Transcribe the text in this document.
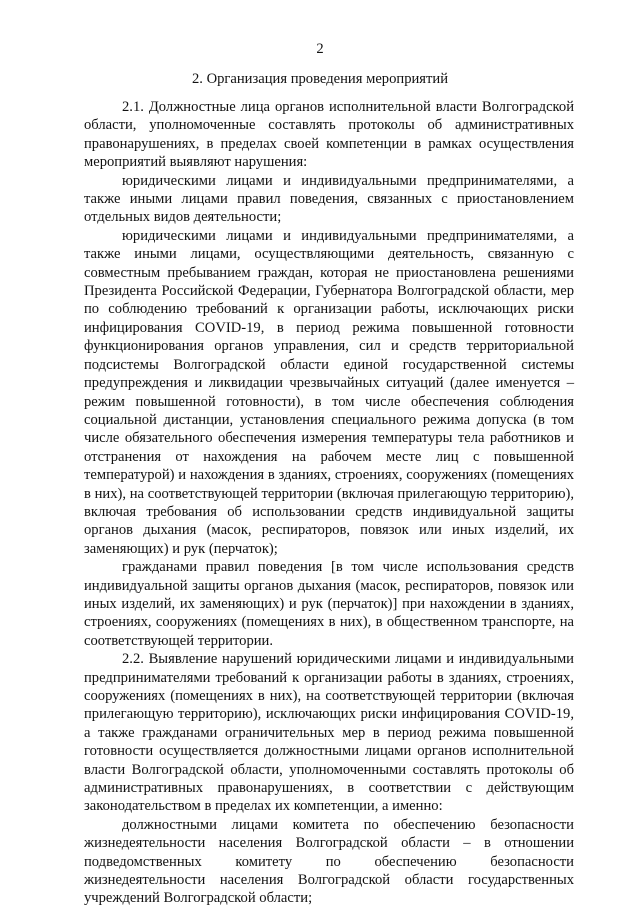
2
2. Организация проведения мероприятий

2.1. Должностные лица органов исполнительной власти Волгоградской области, уполномоченные составлять протоколы об административных правонарушениях, в пределах своей компетенции в рамках осуществления мероприятий выявляют нарушения:

юридическими лицами и индивидуальными предпринимателями, а также иными лицами правил поведения, связанных с приостановлением отдельных видов деятельности;

юридическими лицами и индивидуальными предпринимателями, а также иными лицами, осуществляющими деятельность, связанную с совместным пребыванием граждан, которая не приостановлена решениями Президента Российской Федерации, Губернатора Волгоградской области, мер по соблюдению требований к организации работы, исключающих риски инфицирования COVID-19, в период режима повышенной готовности функционирования органов управления, сил и средств территориальной подсистемы Волгоградской области единой государственной системы предупреждения и ликвидации чрезвычайных ситуаций (далее именуется – режим повышенной готовности), в том числе обеспечения соблюдения социальной дистанции, установления специального режима допуска (в том числе обязательного обеспечения измерения температуры тела работников и отстранения от нахождения на рабочем месте лиц с повышенной температурой) и нахождения в зданиях, строениях, сооружениях (помещениях в них), на соответствующей территории (включая прилегающую территорию), включая требования об использовании средств индивидуальной защиты органов дыхания (масок, респираторов, повязок или иных изделий, их заменяющих) и рук (перчаток);

гражданами правил поведения [в том числе использования средств индивидуальной защиты органов дыхания (масок, респираторов, повязок или иных изделий, их заменяющих) и рук (перчаток)] при нахождении в зданиях, строениях, сооружениях (помещениях в них), в общественном транспорте, на соответствующей территории.

2.2. Выявление нарушений юридическими лицами и индивидуальными предпринимателями требований к организации работы в зданиях, строениях, сооружениях (помещениях в них), на соответствующей территории (включая прилегающую территорию), исключающих риски инфицирования COVID-19, а также гражданами ограничительных мер в период режима повышенной готовности осуществляется должностными лицами органов исполнительной власти Волгоградской области, уполномоченными составлять протоколы об административных правонарушениях, в соответствии с действующим законодательством в пределах их компетенции, а именно:

должностными лицами комитета по обеспечению безопасности жизнедеятельности населения Волгоградской области – в отношении подведомственных комитету по обеспечению безопасности жизнедеятельности населения Волгоградской области государственных учреждений Волгоградской области;
